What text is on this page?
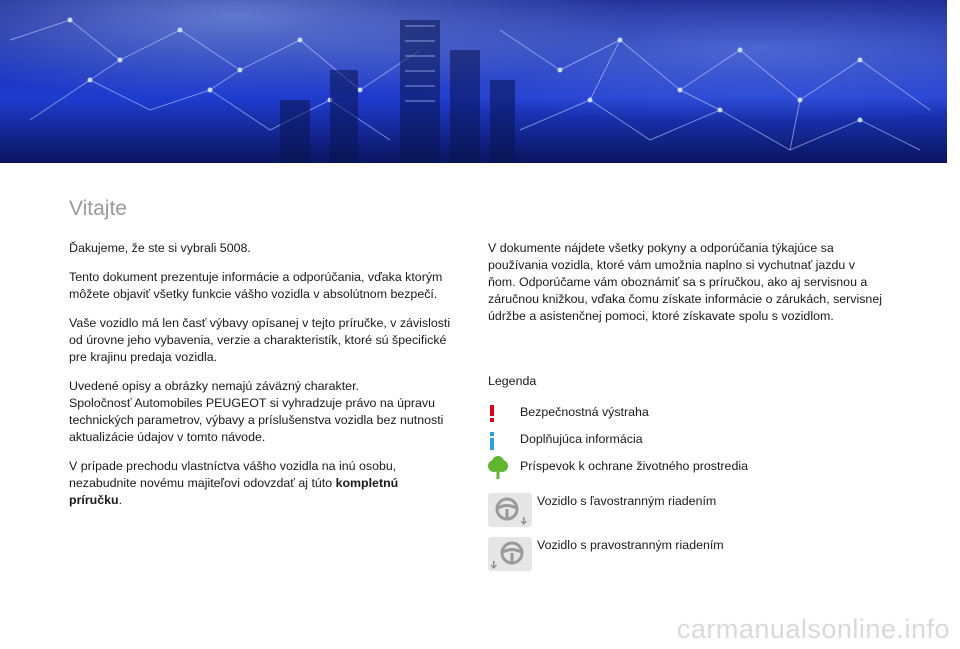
Vitajte

Ďakujeme, že ste si vybrali 5008.

Tento dokument prezentuje informácie a odporúčania, vďaka ktorým môžete objaviť všetky funkcie vášho vozidla v absolútnom bezpečí.

Vaše vozidlo má len časť výbavy opísanej v tejto príručke, v závislosti od úrovne jeho vybavenia, verzie a charakteristík, ktoré sú špecifické pre krajinu predaja vozidla.

Uvedené opisy a obrázky nemajú záväzný charakter.
Spoločnosť Automobiles PEUGEOT si vyhradzuje právo na úpravu technických parametrov, výbavy a príslušenstva vozidla bez nutnosti aktualizácie údajov v tomto návode.

V prípade prechodu vlastníctva vášho vozidla na inú osobu, nezabudnite novému majiteľovi odovzdať aj túto kompletnú príručku.

V dokumente nájdete všetky pokyny a odporúčania týkajúce sa používania vozidla, ktoré vám umožnia naplno si vychutnať jazdu v ňom. Odporúčame vám oboznámiť sa s príručkou, ako aj servisnou a záručnou knižkou, vďaka čomu získate informácie o zárukách, servisnej údržbe a asistenčnej pomoci, ktoré získavate spolu s vozidlom.

Legenda
Bezpečnostná výstraha
Doplňujúca informácia
Príspevok k ochrane životného prostredia
Vozidlo s ľavostranným riadením
Vozidlo s pravostranným riadením
carmanualsonline.info
